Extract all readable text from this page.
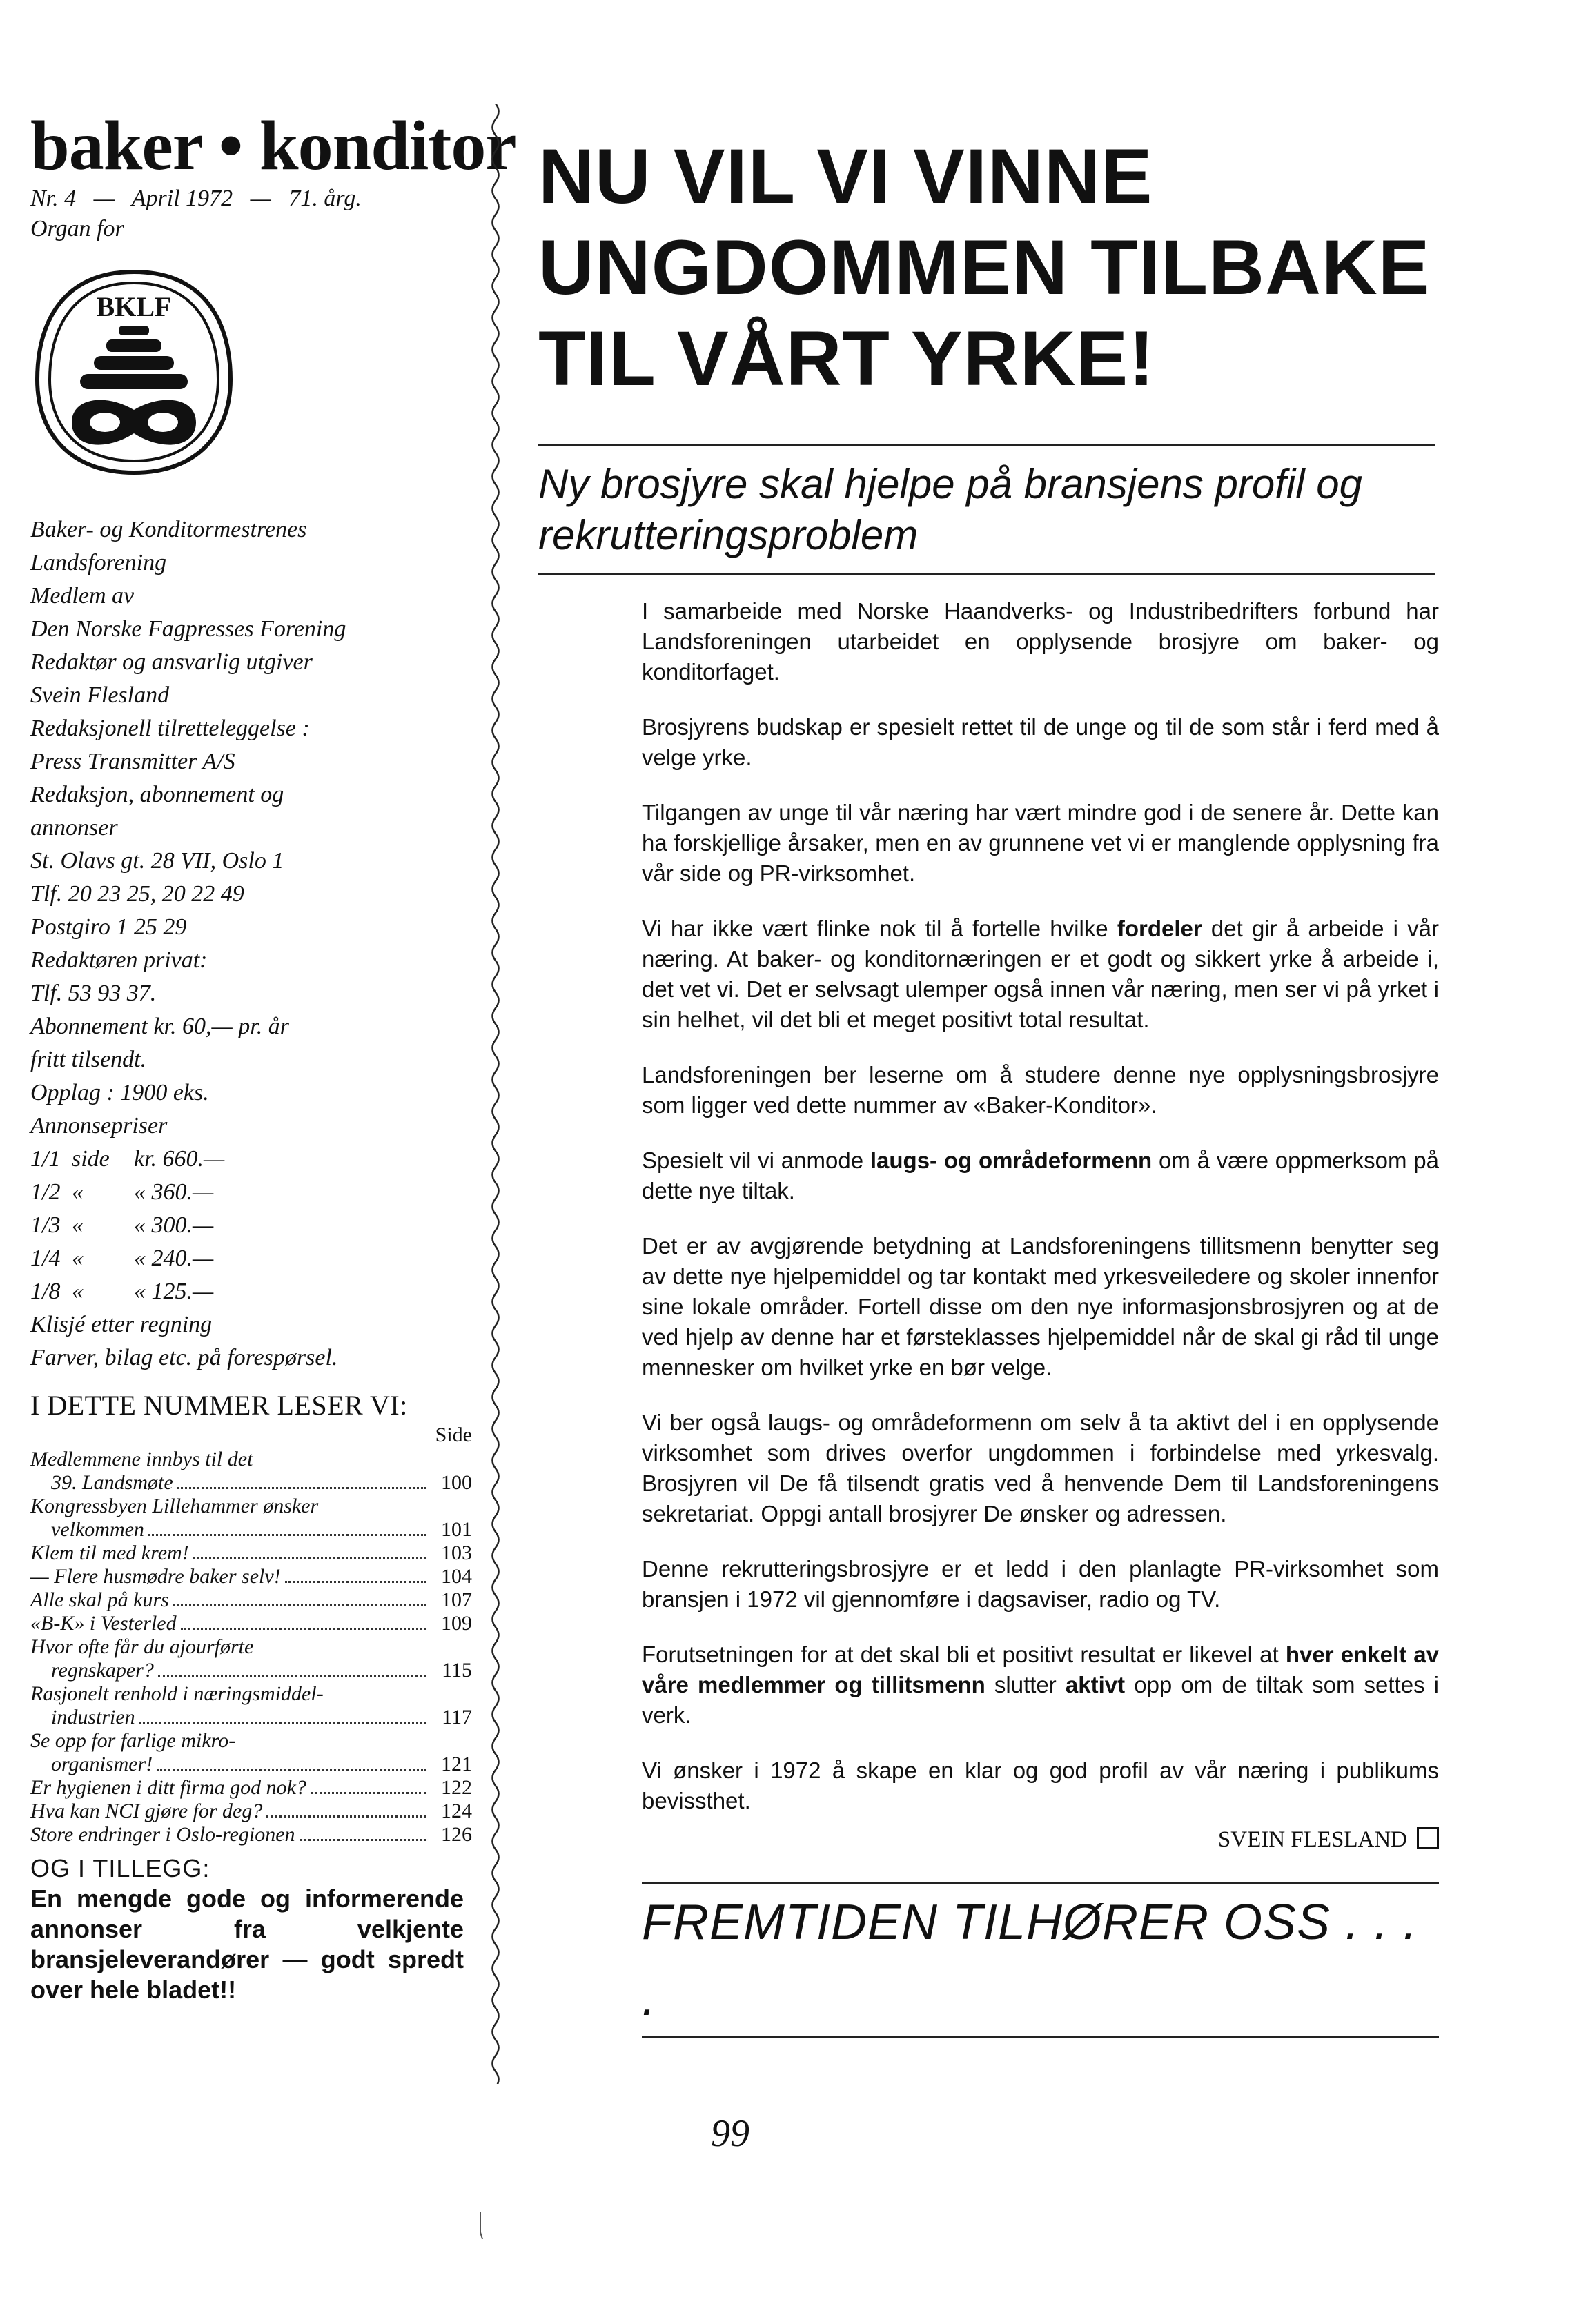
baker • konditor
Nr. 4   —   April 1972   —   71. årg.
Organ for
BKLF

Baker- og Konditormestrenes

Landsforening

Medlem av

Den Norske Fagpresses Forening

Redaktør og ansvarlig utgiver

Svein Flesland

Redaksjonell tilretteleggelse :

Press Transmitter A/S

Redaksjon, abonnement og

annonser

St. Olavs gt. 28 VII, Oslo 1

Tlf. 20 23 25, 20 22 49

Postgiro 1 25 29

Redaktøren privat:

Tlf. 53 93 37.

Abonnement kr. 60,— pr. år

fritt tilsendt.

Opplag : 1900 eks.

Annonsepriser

1/1 side	kr. 660.—
1/2 «	« 360.—
1/3 «	« 300.—
1/4 «	« 240.—
1/8 «	« 125.—

Klisjé etter regning

Farver, bilag etc. på forespørsel.

I DETTE NUMMER LESER VI:
Side
Medlemmene innbys til det
39. Landsmøte	100
Kongressbyen Lillehammer ønsker
velkommen	101
Klem til med krem!	103
— Flere husmødre baker selv!	104
Alle skal på kurs	107
«B-K» i Vesterled	109
Hvor ofte får du ajourførte
regnskaper?	115
Rasjonelt renhold i næringsmiddel-
industrien	117
Se opp for farlige mikro-
organismer!	121
Er hygienen i ditt firma god nok?	122
Hva kan NCI gjøre for deg?	124
Store endringer i Oslo-regionen	126
OG I TILLEGG:
En mengde gode og informerende annonser fra velkjente bransjeleverandører — godt spredt over hele bladet!!
NU VIL VI VINNE
UNGDOMMEN TILBAKE
TIL VÅRT YRKE!
Ny brosjyre skal hjelpe på bransjens profil og rekrutteringsproblem

I samarbeide med Norske Haandverks- og Industribedrifters forbund har Landsforeningen utarbeidet en opplysende brosjyre om baker- og konditorfaget.

Brosjyrens budskap er spesielt rettet til de unge og til de som står i ferd med å velge yrke.

Tilgangen av unge til vår næring har vært mindre god i de senere år. Dette kan ha forskjellige årsaker, men en av grunnene vet vi er manglende opplysning fra vår side og PR-virksomhet.

Vi har ikke vært flinke nok til å fortelle hvilke fordeler det gir å arbeide i vår næring. At baker- og konditornæringen er et godt og sikkert yrke å arbeide i, det vet vi. Det er selvsagt ulemper også innen vår næring, men ser vi på yrket i sin helhet, vil det bli et meget positivt total resultat.

Landsforeningen ber leserne om å studere denne nye opplysningsbrosjyre som ligger ved dette nummer av «Baker-Konditor».

Spesielt vil vi anmode laugs- og områdeformenn om å være oppmerksom på dette nye tiltak.

Det er av avgjørende betydning at Landsforeningens tillitsmenn benytter seg av dette nye hjelpemiddel og tar kontakt med yrkesveiledere og skoler innenfor sine lokale områder. Fortell disse om den nye informasjonsbrosjyren og at de ved hjelp av denne har et førsteklasses hjelpemiddel når de skal gi råd til unge mennesker om hvilket yrke en bør velge.

Vi ber også laugs- og områdeformenn om selv å ta aktivt del i en opplysende virksomhet som drives overfor ungdommen i forbindelse med yrkesvalg. Brosjyren vil De få tilsendt gratis ved å henvende Dem til Landsforeningens sekretariat. Oppgi antall brosjyrer De ønsker og adressen.

Denne rekrutteringsbrosjyre er et ledd i den planlagte PR-virksomhet som bransjen i 1972 vil gjennomføre i dagsaviser, radio og TV.

Forutsetningen for at det skal bli et positivt resultat er likevel at hver enkelt av våre medlemmer og tillitsmenn slutter aktivt opp om de tiltak som settes i verk.

Vi ønsker i 1972 å skape en klar og god profil av vår næring i publikums bevissthet.

SVEIN FLESLAND
FREMTIDEN TILHØRER OSS . . . .
99
